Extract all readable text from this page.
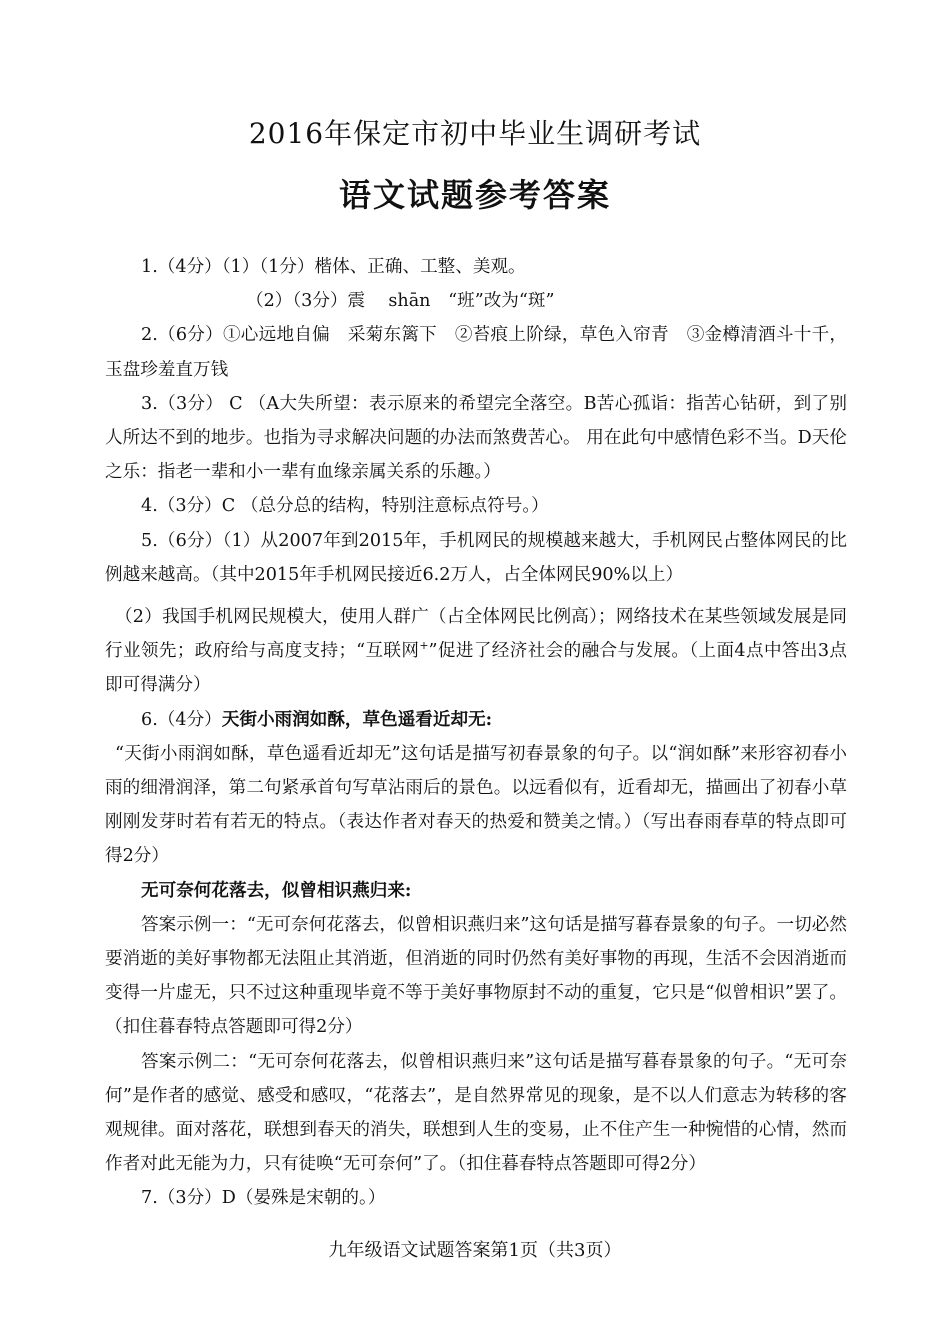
2016年保定市初中毕业生调研考试
语文试题参考答案

1.（4分）（1）（1分）楷体、正确、工整、美观。

（2）（3分）震　 shān　“班”改为“斑”

2.（6分）①心远地自偏　采菊东篱下　②苔痕上阶绿，草色入帘青　③金樽清酒斗十千，玉盘珍羞直万钱

3.（3分） C （A大失所望：表示原来的希望完全落空。B苦心孤诣：指苦心钻研，到了别人所达不到的地步。也指为寻求解决问题的办法而煞费苦心。 用在此句中感情色彩不当。D天伦之乐：指老一辈和小一辈有血缘亲属关系的乐趣。）

4.（3分）C （总分总的结构，特别注意标点符号。）

5.（6分）（1）从2007年到2015年，手机网民的规模越来越大，手机网民占整体网民的比例越来越高。（其中2015年手机网民接近6.2万人，占全体网民90%以上）

（2）我国手机网民规模大，使用人群广（占全体网民比例高）；网络技术在某些领域发展是同行业领先；政府给与高度支持；“互联网+”促进了经济社会的融合与发展。（上面4点中答出3点即可得满分）

6.（4分）天街小雨润如酥，草色遥看近却无:

“天街小雨润如酥，草色遥看近却无”这句话是描写初春景象的句子。以“润如酥”来形容初春小雨的细滑润泽，第二句紧承首句写草沾雨后的景色。以远看似有，近看却无，描画出了初春小草刚刚发芽时若有若无的特点。（表达作者对春天的热爱和赞美之情。）（写出春雨春草的特点即可得2分）

无可奈何花落去，似曾相识燕归来:

答案示例一：“无可奈何花落去，似曾相识燕归来”这句话是描写暮春景象的句子。一切必然要消逝的美好事物都无法阻止其消逝，但消逝的同时仍然有美好事物的再现，生活不会因消逝而变得一片虚无，只不过这种重现毕竟不等于美好事物原封不动的重复，它只是“似曾相识”罢了。（扣住暮春特点答题即可得2分）

答案示例二：“无可奈何花落去，似曾相识燕归来”这句话是描写暮春景象的句子。“无可奈何”是作者的感觉、感受和感叹，“花落去”，是自然界常见的现象，是不以人们意志为转移的客观规律。面对落花，联想到春天的消失，联想到人生的变易，止不住产生一种惋惜的心情，然而作者对此无能为力，只有徒唤“无可奈何”了。（扣住暮春特点答题即可得2分）

7.（3分）D（晏殊是宋朝的。）

九年级语文试题答案第1页（共3页）
